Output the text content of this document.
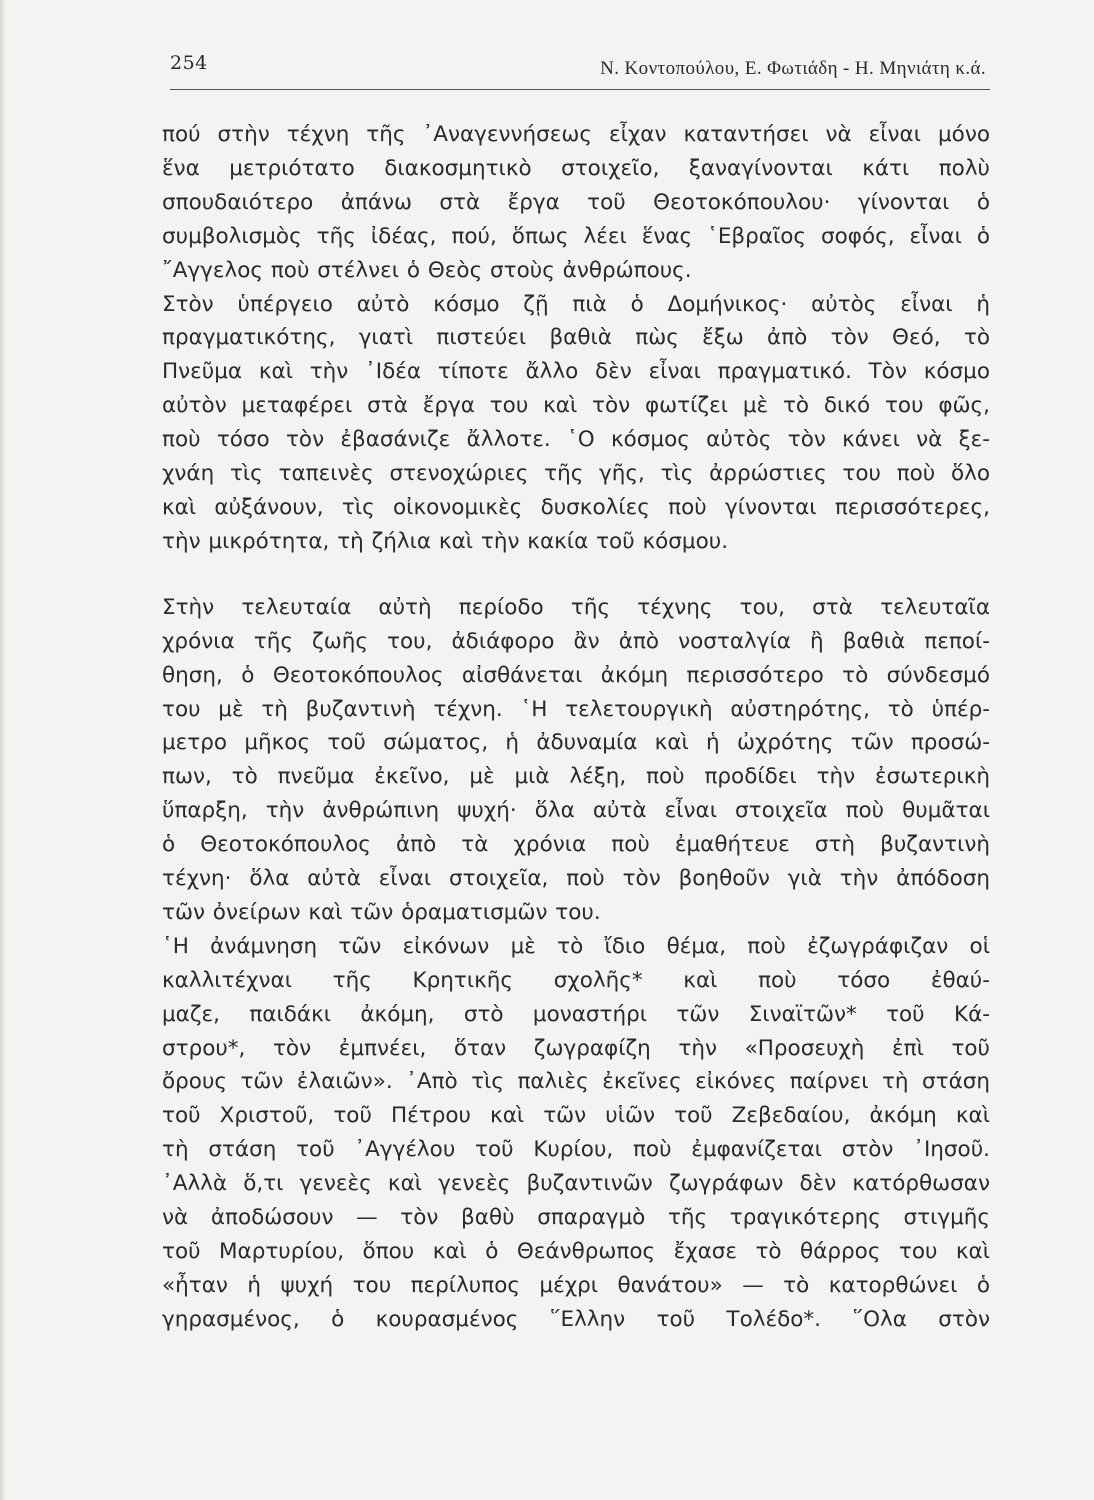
254	Ν. Κοντοπούλου, Ε. Φωτιάδη - Η. Μηνιάτη κ.ά.

πού στὴν τέχνη τῆς ᾿Αναγεννήσεως εἶχαν καταντήσει νὰ εἶναι μόνο
ἕνα μετριότατο διακοσμητικὸ στοιχεῖο, ξαναγίνονται κάτι πολὺ
σπουδαιότερο ἀπάνω στὰ ἔργα τοῦ Θεοτοκόπουλου· γίνονται ὁ
συμβολισμὸς τῆς ἰδέας, πού, ὅπως λέει ἕνας ῾Εβραῖος σοφός, εἶναι ὁ
῎Αγγελος ποὺ στέλνει ὁ Θεὸς στοὺς ἀνθρώπους.

Στὸν ὑπέργειο αὐτὸ κόσμο ζῇ πιὰ ὁ Δομήνικος· αὐτὸς εἶναι ἡ
πραγματικότης, γιατὶ πιστεύει βαθιὰ πὼς ἔξω ἀπὸ τὸν Θεό, τὸ
Πνεῦμα καὶ τὴν ᾿Ιδέα τίποτε ἄλλο δὲν εἶναι πραγματικό. Τὸν κόσμο
αὐτὸν μεταφέρει στὰ ἔργα του καὶ τὸν φωτίζει μὲ τὸ δικό του φῶς,
ποὺ τόσο τὸν ἐβασάνιζε ἄλλοτε. ῾Ο κόσμος αὐτὸς τὸν κάνει νὰ ξε-
χνάη τὶς ταπεινὲς στενοχώριες τῆς γῆς, τὶς ἀρρώστιες του ποὺ ὅλο
καὶ αὐξάνουν, τὶς οἰκονομικὲς δυσκολίες ποὺ γίνονται περισσότερες,
τὴν μικρότητα, τὴ ζήλια καὶ τὴν κακία τοῦ κόσμου.

Στὴν τελευταία αὐτὴ περίοδο τῆς τέχνης του, στὰ τελευταῖα
χρόνια τῆς ζωῆς του, ἀδιάφορο ἂν ἀπὸ νοσταλγία ἢ βαθιὰ πεποί-
θηση, ὁ Θεοτοκόπουλος αἰσθάνεται ἀκόμη περισσότερο τὸ σύνδεσμό
του μὲ τὴ βυζαντινὴ τέχνη. ῾Η τελετουργικὴ αὐστηρότης, τὸ ὑπέρ-
μετρο μῆκος τοῦ σώματος, ἡ ἀδυναμία καὶ ἡ ὠχρότης τῶν προσώ-
πων, τὸ πνεῦμα ἐκεῖνο, μὲ μιὰ λέξη, ποὺ προδίδει τὴν ἐσωτερικὴ
ὕπαρξη, τὴν ἀνθρώπινη ψυχή· ὅλα αὐτὰ εἶναι στοιχεῖα ποὺ θυμᾶται
ὁ Θεοτοκόπουλος ἀπὸ τὰ χρόνια ποὺ ἐμαθήτευε στὴ βυζαντινὴ
τέχνη· ὅλα αὐτὰ εἶναι στοιχεῖα, ποὺ τὸν βοηθοῦν γιὰ τὴν ἀπόδοση
τῶν ὀνείρων καὶ τῶν ὁραματισμῶν του.

῾Η ἀνάμνηση τῶν εἰκόνων μὲ τὸ ἴδιο θέμα, ποὺ ἐζωγράφιζαν οἱ
καλλιτέχναι τῆς Κρητικῆς σχολῆς* καὶ ποὺ τόσο ἐθαύ-
μαζε, παιδάκι ἀκόμη, στὸ μοναστήρι τῶν Σιναϊτῶν* τοῦ Κά-
στρου*, τὸν ἐμπνέει, ὅταν ζωγραφίζη τὴν «Προσευχὴ ἐπὶ τοῦ
ὄρους τῶν ἐλαιῶν». ᾿Απὸ τὶς παλιὲς ἐκεῖνες εἰκόνες παίρνει τὴ στάση
τοῦ Χριστοῦ, τοῦ Πέτρου καὶ τῶν υἱῶν τοῦ Ζεβεδαίου, ἀκόμη καὶ
τὴ στάση τοῦ ᾿Αγγέλου τοῦ Κυρίου, ποὺ ἐμφανίζεται στὸν ᾿Ιησοῦ.
᾿Αλλὰ ὅ,τι γενεὲς καὶ γενεὲς βυζαντινῶν ζωγράφων δὲν κατόρθωσαν
νὰ ἀποδώσουν — τὸν βαθὺ σπαραγμὸ τῆς τραγικότερης στιγμῆς
τοῦ Μαρτυρίου, ὅπου καὶ ὁ Θεάνθρωπος ἔχασε τὸ θάρρος του καὶ
«ἦταν ἡ ψυχή του περίλυπος μέχρι θανάτου» — τὸ κατορθώνει ὁ
γηρασμένος, ὁ κουρασμένος ῞Ελλην τοῦ Τολέδο*. ῞Ολα στὸν
